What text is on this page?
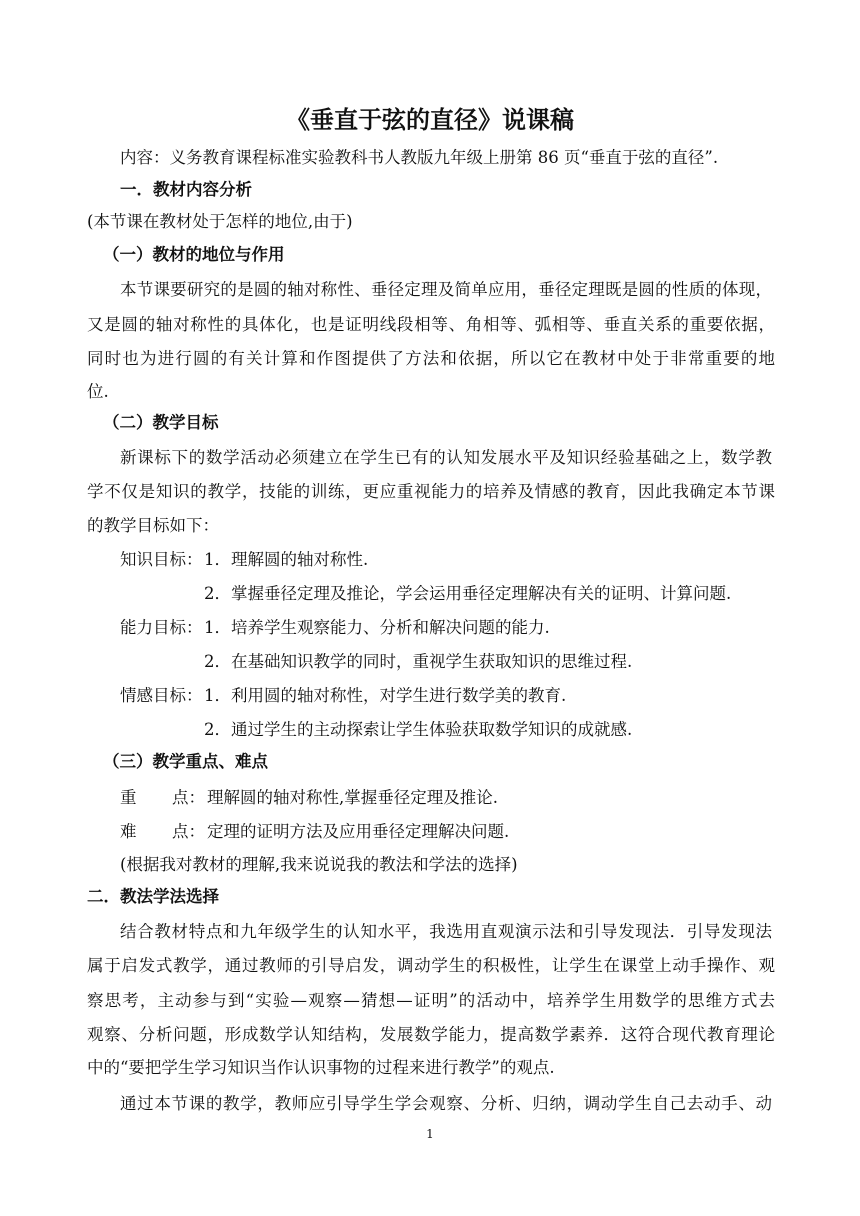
《垂直于弦的直径》说课稿
内容：义务教育课程标准实验教科书人教版九年级上册第 86 页“垂直于弦的直径”.
一．教材内容分析
(本节课在教材处于怎样的地位,由于)
（一）教材的地位与作用
本节课要研究的是圆的轴对称性、垂径定理及简单应用，垂径定理既是圆的性质的体现，
又是圆的轴对称性的具体化，也是证明线段相等、角相等、弧相等、垂直关系的重要依据，
同时也为进行圆的有关计算和作图提供了方法和依据，所以它在教材中处于非常重要的地
位.
（二）教学目标
新课标下的数学活动必须建立在学生已有的认知发展水平及知识经验基础之上，数学教
学不仅是知识的教学，技能的训练，更应重视能力的培养及情感的教育，因此我确定本节课
的教学目标如下：
知识目标： 1．理解圆的轴对称性.
2．掌握垂径定理及推论，学会运用垂径定理解决有关的证明、计算问题.
能力目标： 1．培养学生观察能力、分析和解决问题的能力.
2．在基础知识教学的同时，重视学生获取知识的思维过程.
情感目标： 1．利用圆的轴对称性，对学生进行数学美的教育.
2．通过学生的主动探索让学生体验获取数学知识的成就感.
（三）教学重点、难点
重 点： 理解圆的轴对称性,掌握垂径定理及推论.
难 点： 定理的证明方法及应用垂径定理解决问题.
(根据我对教材的理解,我来说说我的教法和学法的选择)
二．教法学法选择
结合教材特点和九年级学生的认知水平，我选用直观演示法和引导发现法．引导发现法
属于启发式教学，通过教师的引导启发，调动学生的积极性，让学生在课堂上动手操作、观
察思考，主动参与到“实验—观察—猜想—证明”的活动中，培养学生用数学的思维方式去
观察、分析问题，形成数学认知结构，发展数学能力，提高数学素养．这符合现代教育理论
中的“要把学生学习知识当作认识事物的过程来进行教学”的观点.
通过本节课的教学，教师应引导学生学会观察、分析、归纳，调动学生自己去动手、动
1
